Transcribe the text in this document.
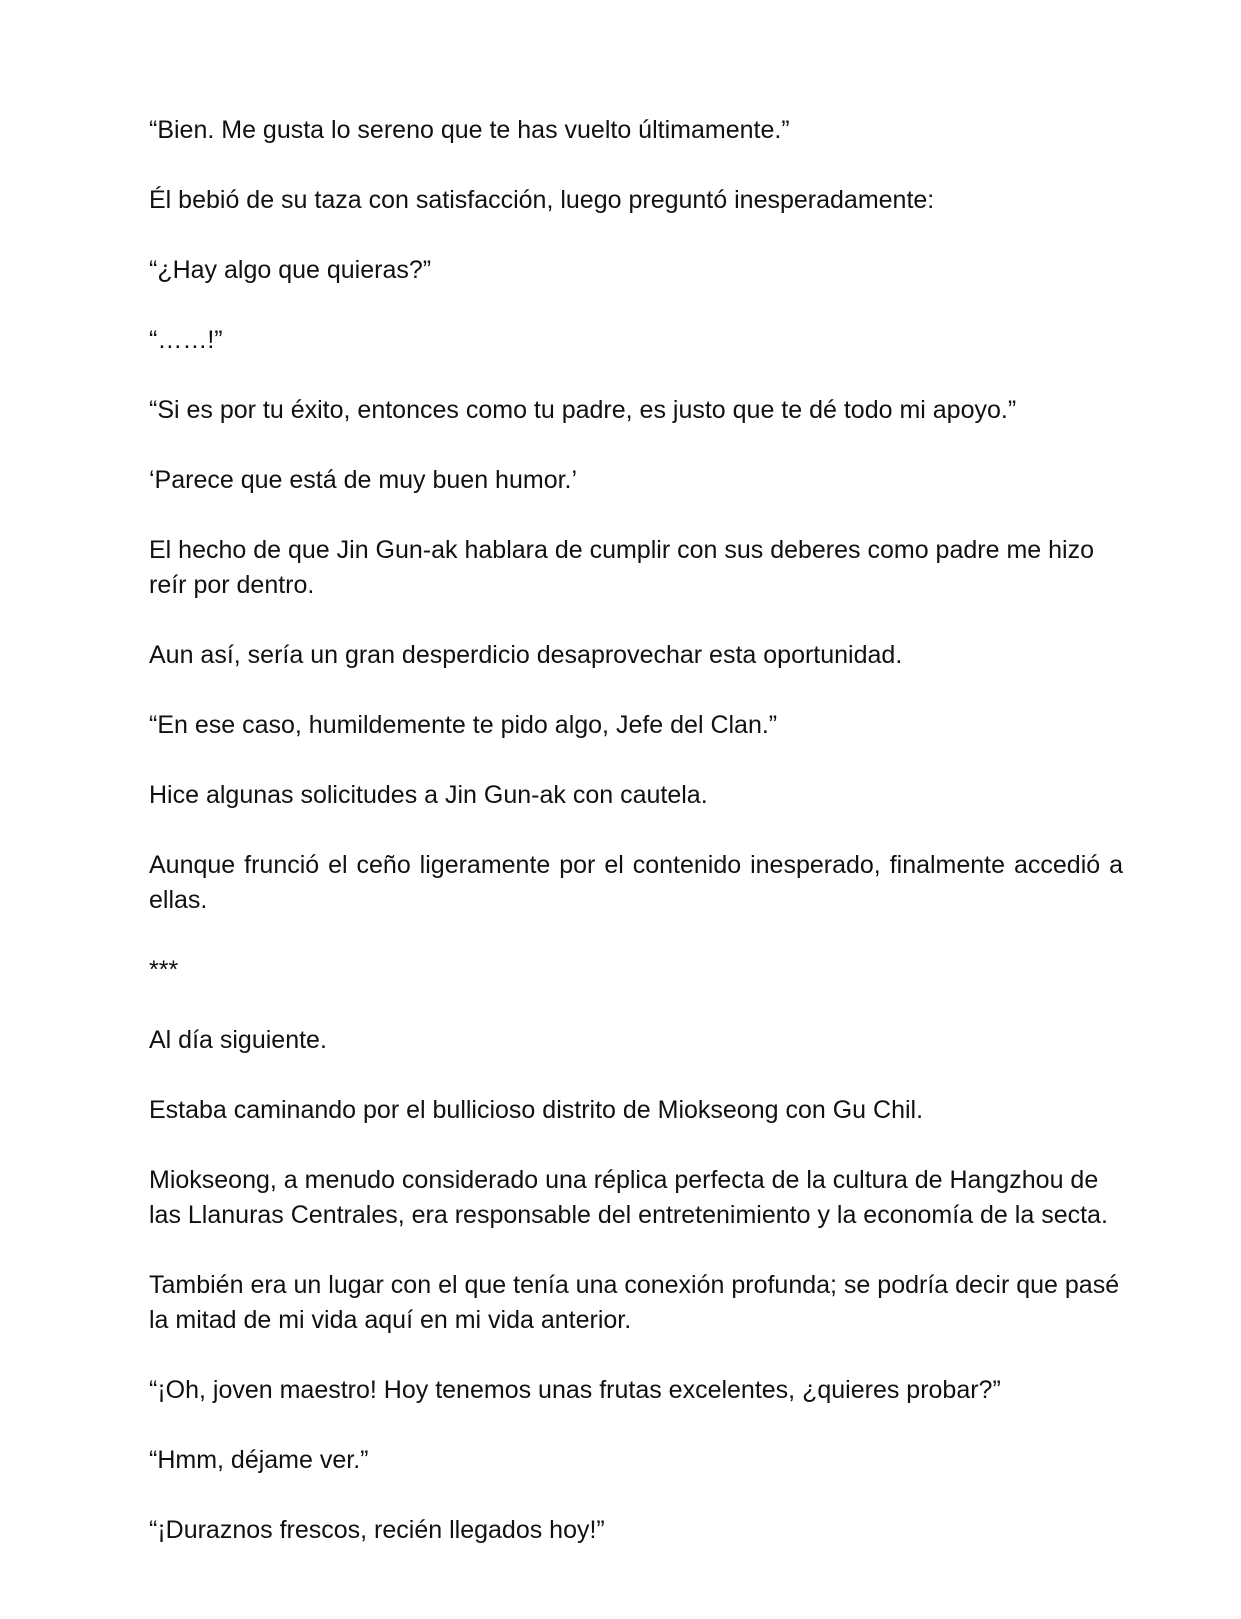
“Bien. Me gusta lo sereno que te has vuelto últimamente.”

Él bebió de su taza con satisfacción, luego preguntó inesperadamente:

“¿Hay algo que quieras?”

“……!”

“Si es por tu éxito, entonces como tu padre, es justo que te dé todo mi apoyo.”

‘Parece que está de muy buen humor.’

El hecho de que Jin Gun-ak hablara de cumplir con sus deberes como padre me hizo reír por dentro.

Aun así, sería un gran desperdicio desaprovechar esta oportunidad.

“En ese caso, humildemente te pido algo, Jefe del Clan.”

Hice algunas solicitudes a Jin Gun-ak con cautela.

Aunque frunció el ceño ligeramente por el contenido inesperado, finalmente accedió a ellas.

***

Al día siguiente.

Estaba caminando por el bullicioso distrito de Miokseong con Gu Chil.

Miokseong, a menudo considerado una réplica perfecta de la cultura de Hangzhou de las Llanuras Centrales, era responsable del entretenimiento y la economía de la secta.

También era un lugar con el que tenía una conexión profunda; se podría decir que pasé la mitad de mi vida aquí en mi vida anterior.

“¡Oh, joven maestro! Hoy tenemos unas frutas excelentes, ¿quieres probar?”

“Hmm, déjame ver.”

“¡Duraznos frescos, recién llegados hoy!”
